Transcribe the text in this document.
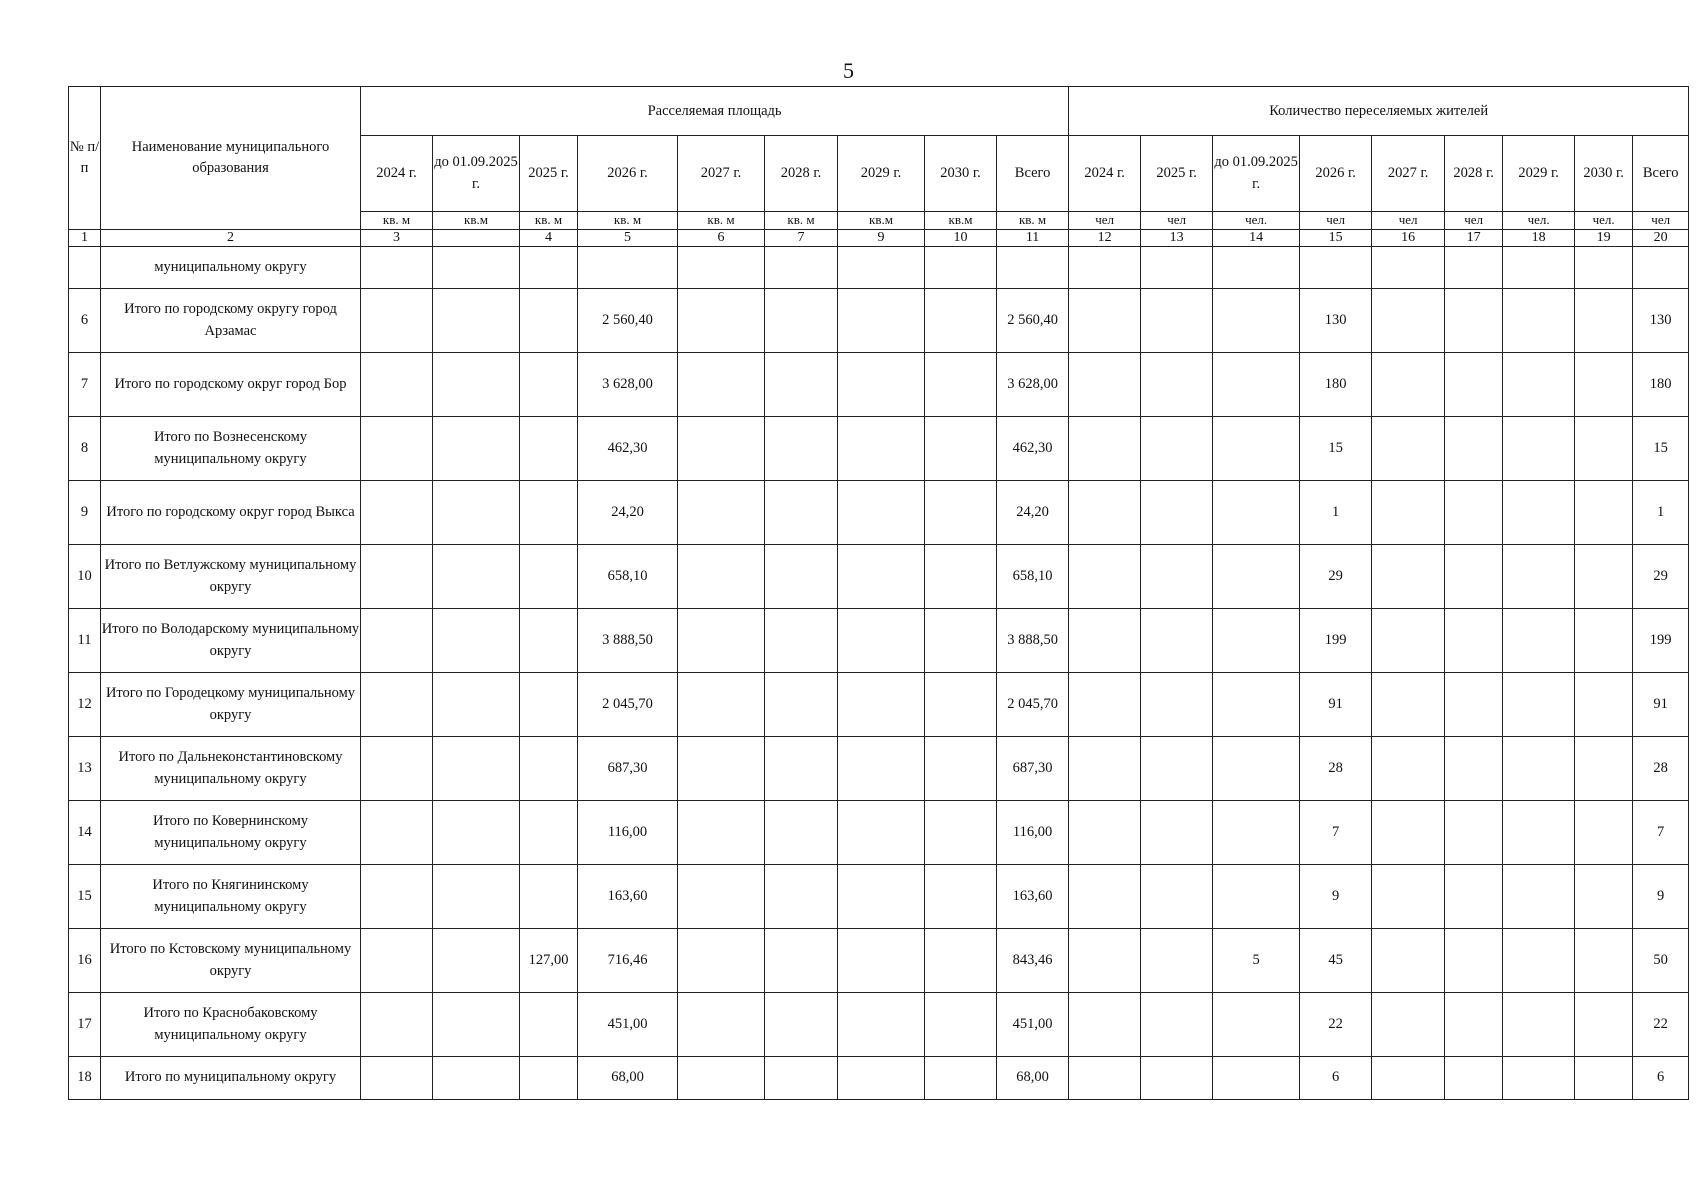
5
№ п/п	Наименование муниципального образования	Расселяемая площадь									Количество переселяемых жителей								
		2024 г.	до 01.09.2025 г.	2025 г.	2026 г.	2027 г.	2028 г.	2029 г.	2030 г.	Всего	2024 г.	2025 г.	до 01.09.2025 г.	2026 г.	2027 г.	2028 г.	2029 г.	2030 г.	Всего
		кв. м	кв.м	кв. м	кв. м	кв. м	кв. м	кв.м	кв.м	кв. м	чел	чел	чел.	чел	чел	чел	чел.	чел.	чел
1	2	3		4	5	6	7	9	10	11	12	13	14	15	16	17	18	19	20
	муниципальному округу																		
6	Итого по городскому округу город Арзамас				2 560,40					2 560,40				130					130
7	Итого по городскому округ город Бор				3 628,00					3 628,00				180					180
8	Итого по Вознесенскому муниципальному округу				462,30					462,30				15					15
9	Итого по городскому округ город Выкса				24,20					24,20				1					1
10	Итого по Ветлужскому муниципальному округу				658,10					658,10				29					29
11	Итого по Володарскому муниципальному округу				3 888,50					3 888,50				199					199
12	Итого по Городецкому муниципальному округу				2 045,70					2 045,70				91					91
13	Итого по Дальнеконстантиновскому муниципальному округу				687,30					687,30				28					28
14	Итого по Ковернинскому муниципальному округу				116,00					116,00				7					7
15	Итого по Княгининскому муниципальному округу				163,60					163,60				9					9
16	Итого по Кстовскому муниципальному округу			127,00	716,46					843,46			5	45					50
17	Итого по Краснобаковскому муниципальному округу				451,00					451,00				22					22
18	Итого по муниципальному округу				68,00					68,00				6					6
